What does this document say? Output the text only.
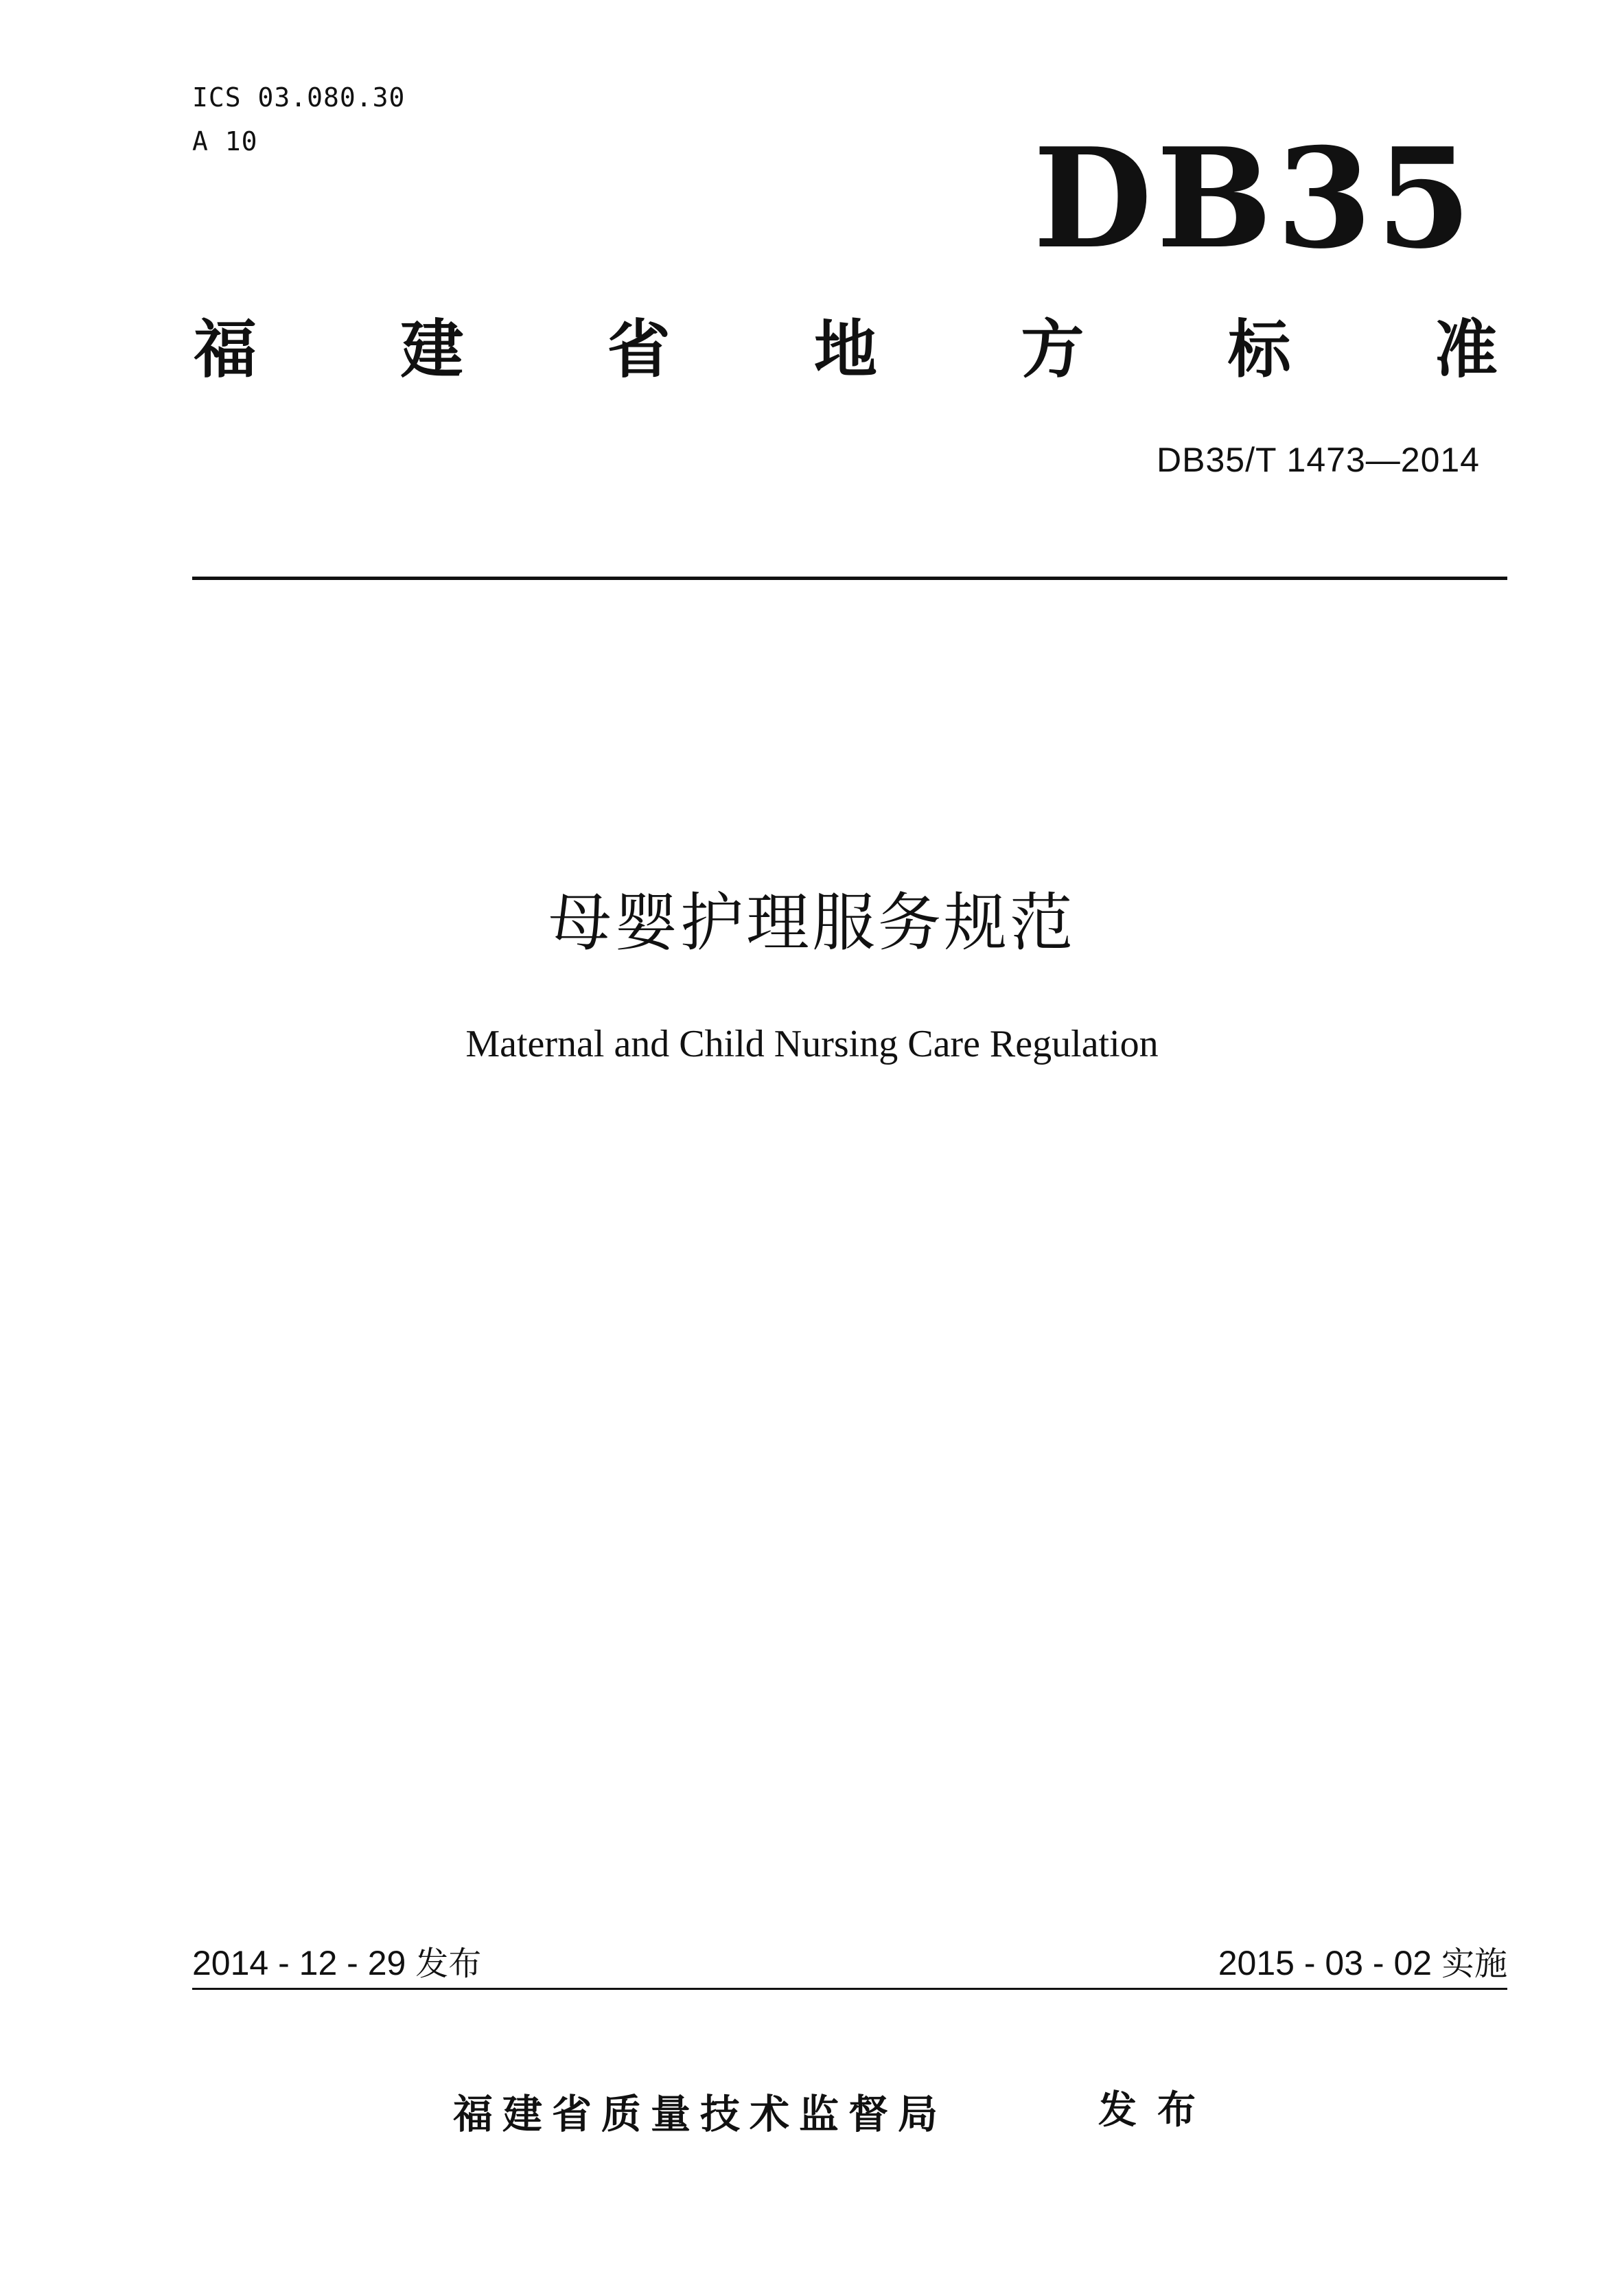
ICS 03.080.30
A 10	DB35
福 建 省 地 方 标 准
DB35/T 1473—2014
母婴护理服务规范
Maternal and Child Nursing Care Regulation
2014 - 12 - 29 发布	2015 - 03 - 02 实施
福建省质量技术监督局	发布
